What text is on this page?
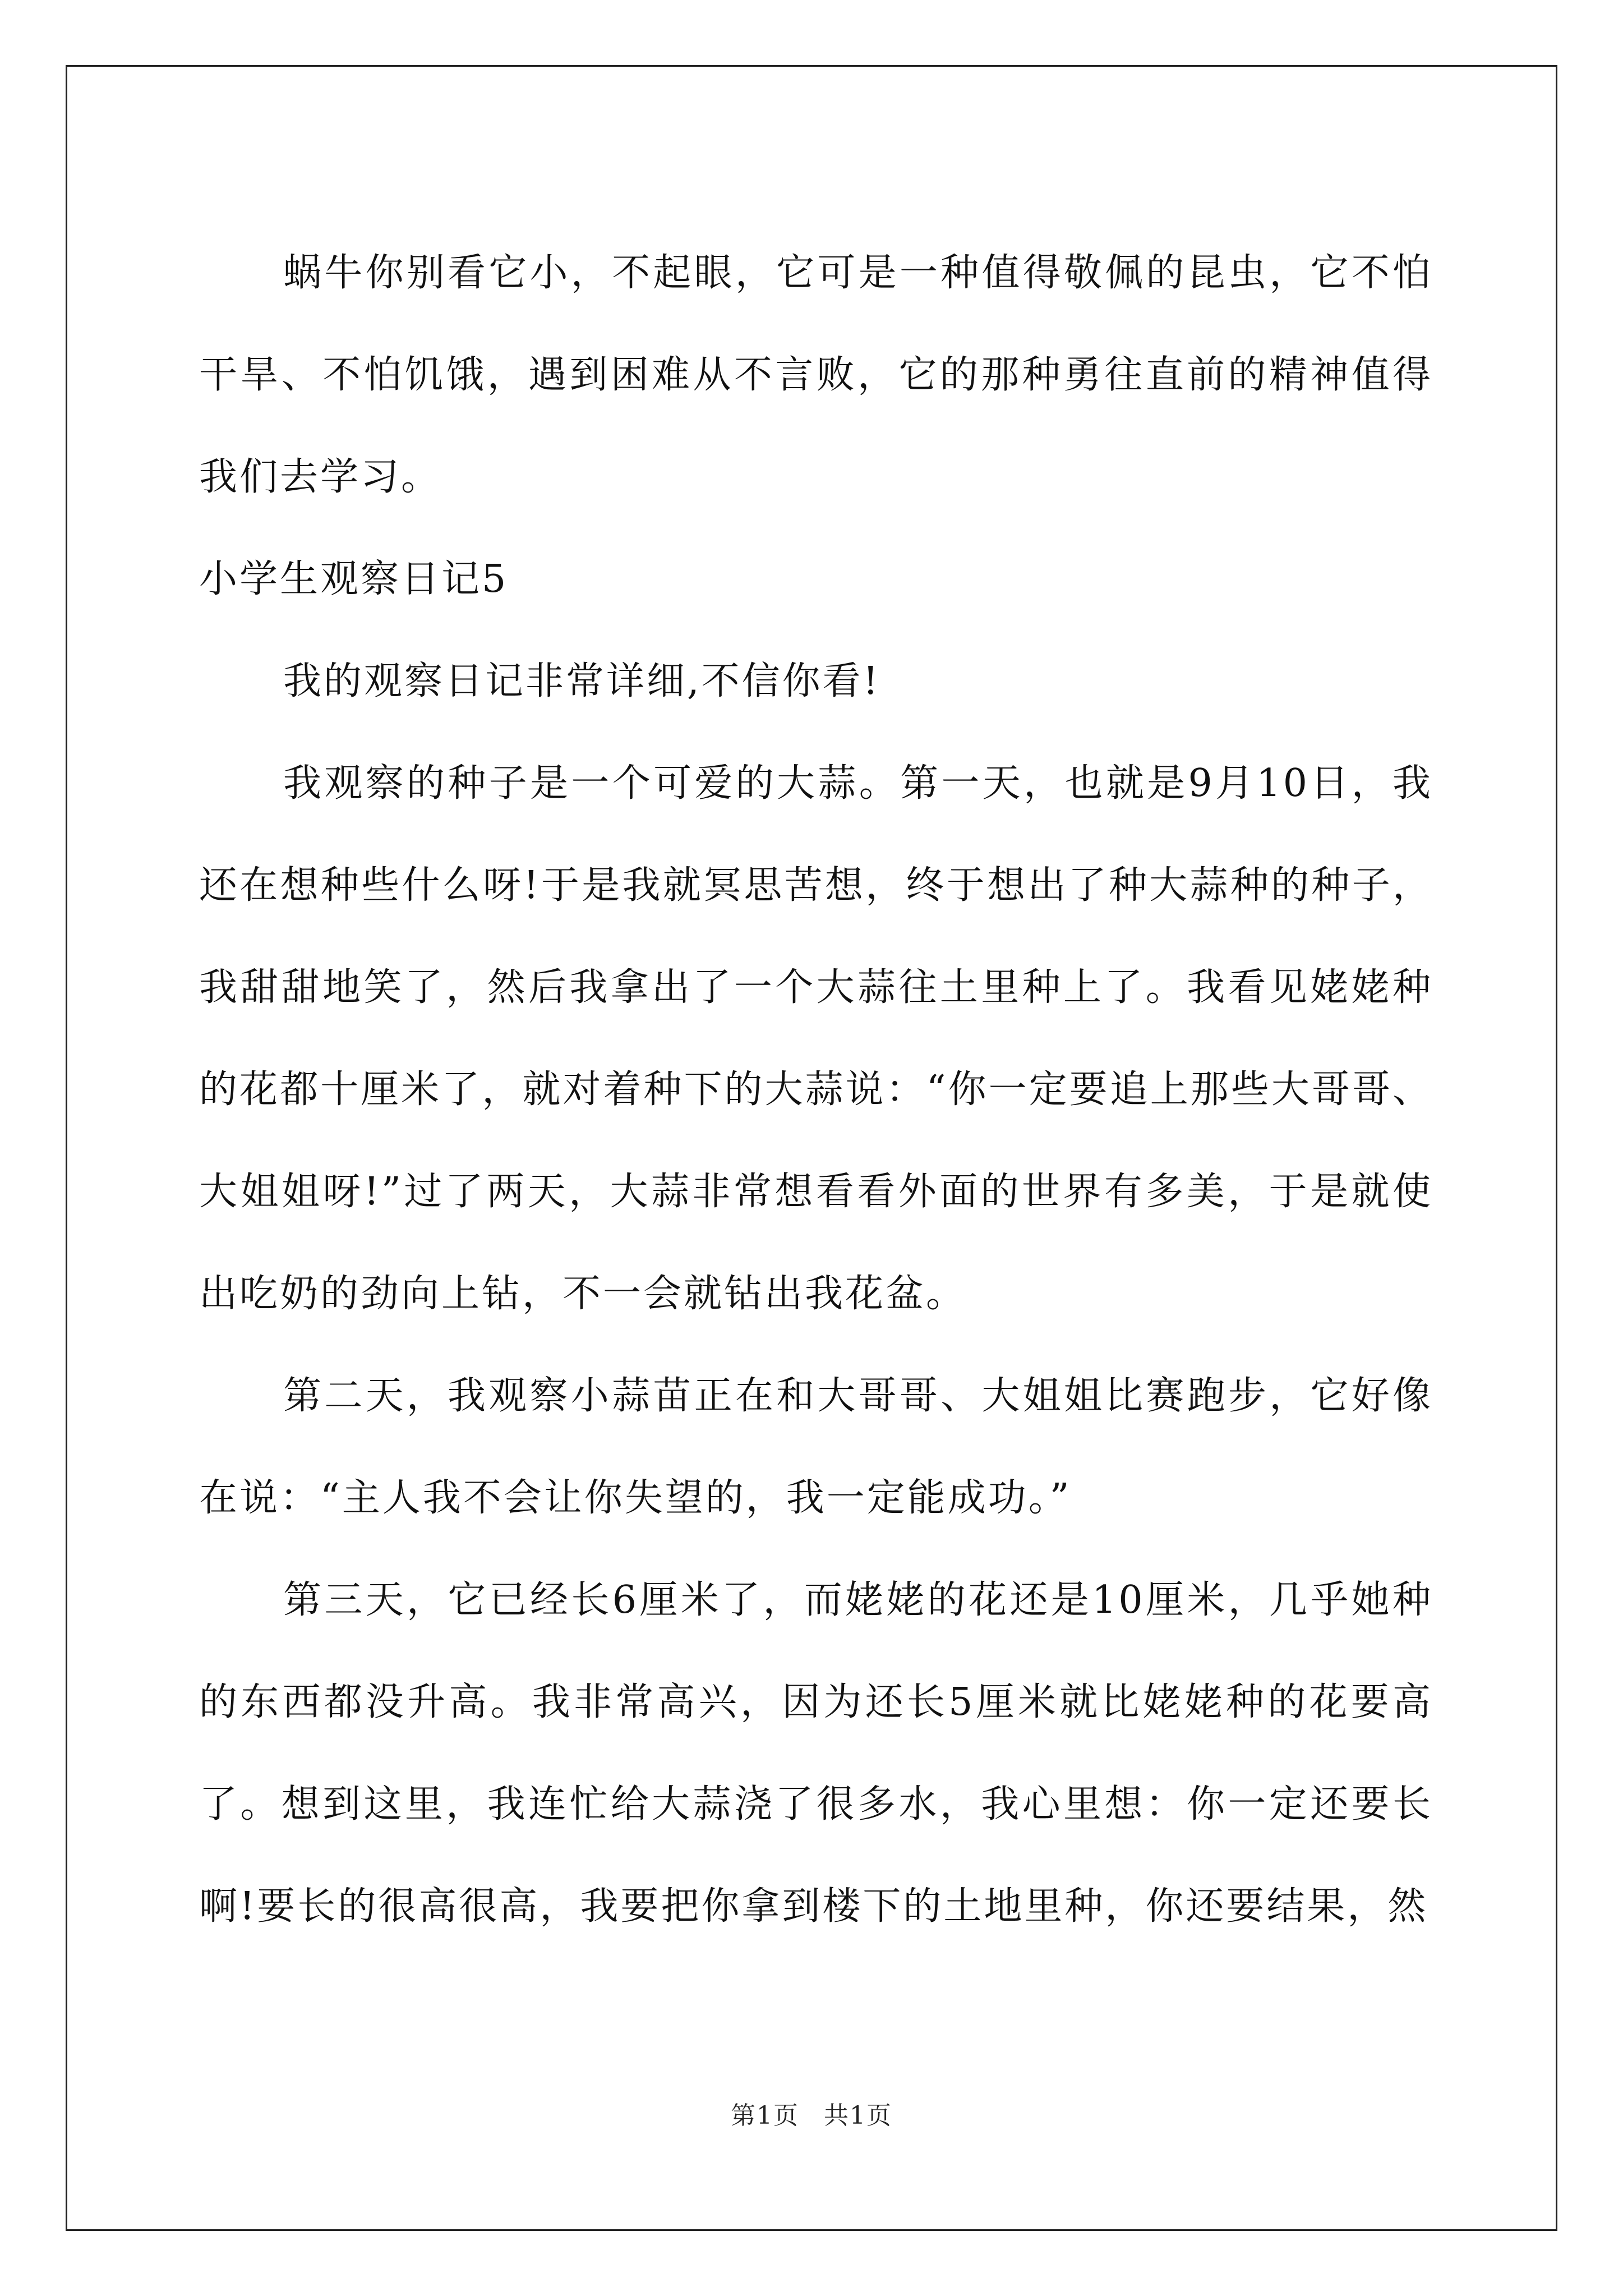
蜗牛你别看它小，不起眼，它可是一种值得敬佩的昆虫，它不怕干旱、不怕饥饿，遇到困难从不言败，它的那种勇往直前的精神值得我们去学习。

小学生观察日记5

我的观察日记非常详细,不信你看!

我观察的种子是一个可爱的大蒜。第一天，也就是9月10日，我还在想种些什么呀!于是我就冥思苦想，终于想出了种大蒜种的种子，我甜甜地笑了，然后我拿出了一个大蒜往土里种上了。我看见姥姥种的花都十厘米了，就对着种下的大蒜说：“你一定要追上那些大哥哥、大姐姐呀!”过了两天，大蒜非常想看看外面的世界有多美，于是就使出吃奶的劲向上钻，不一会就钻出我花盆。

第二天，我观察小蒜苗正在和大哥哥、大姐姐比赛跑步，它好像在说：“主人我不会让你失望的，我一定能成功。”

第三天，它已经长6厘米了，而姥姥的花还是10厘米，几乎她种的东西都没升高。我非常高兴，因为还长5厘米就比姥姥种的花要高了。想到这里，我连忙给大蒜浇了很多水，我心里想：你一定还要长啊!要长的很高很高，我要把你拿到楼下的土地里种，你还要结果，然

第1页 共1页
